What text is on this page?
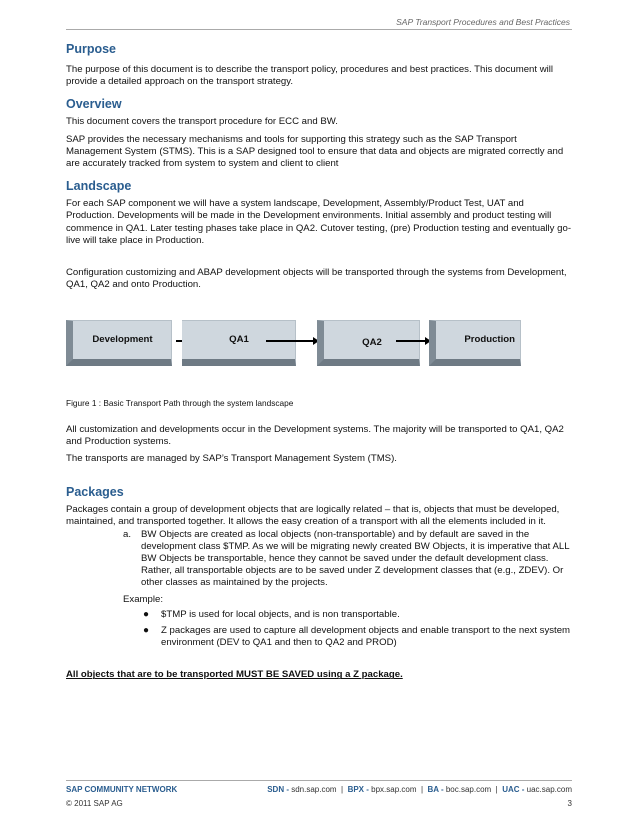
SAP Transport Procedures and Best Practices
Purpose

The purpose of this document is to describe the transport policy, procedures and best practices. This document will provide a detailed approach on the transport strategy.

Overview

This document covers the transport procedure for ECC and BW.

SAP provides the necessary mechanisms and tools for supporting this strategy such as the SAP Transport Management System (STMS). This is a SAP designed tool to ensure that data and objects are migrated correctly and are accurately tracked from system to system and client to client

Landscape

For each SAP component we will have a system landscape, Development, Assembly/Product Test, UAT and Production. Developments will be made in the Development environments. Initial assembly and product testing will commence in QA1. Later testing phases take place in QA2. Cutover testing, (pre) Production testing and eventually go-live will take place in Production.

Configuration customizing and ABAP development objects will be transported through the systems from Development, QA1, QA2 and onto Production.

Development	QA1	QA2	Production

Figure 1 : Basic Transport Path through the system landscape

All customization and developments occur in the Development systems. The majority will be transported to QA1, QA2 and Production systems.

The transports are managed by SAP’s Transport Management System (TMS).

Packages

Packages contain a group of development objects that are logically related – that is, objects that must be developed, maintained, and transported together. It allows the easy creation of a transport with all the elements included in it.

a. BW Objects are created as local objects (non-transportable) and by default are saved in the development class $TMP. As we will be migrating newly created BW Objects, it is imperative that ALL BW Objects be transportable, hence they cannot be saved under the default development class. Rather, all transportable objects are to be saved under Z development classes that (e.g., ZDEV). Or other classes as maintained by the projects.

Example:

● $TMP is used for local objects, and is non transportable.

● Z packages are used to capture all development objects and enable transport to the next system environment (DEV to QA1 and then to QA2 and PROD)

All objects that are to be transported MUST BE SAVED using a Z package.

SAP COMMUNITY NETWORK	SDN - sdn.sap.com  |  BPX - bpx.sap.com  |  BA - boc.sap.com  |  UAC - uac.sap.com
© 2011 SAP AG	3
